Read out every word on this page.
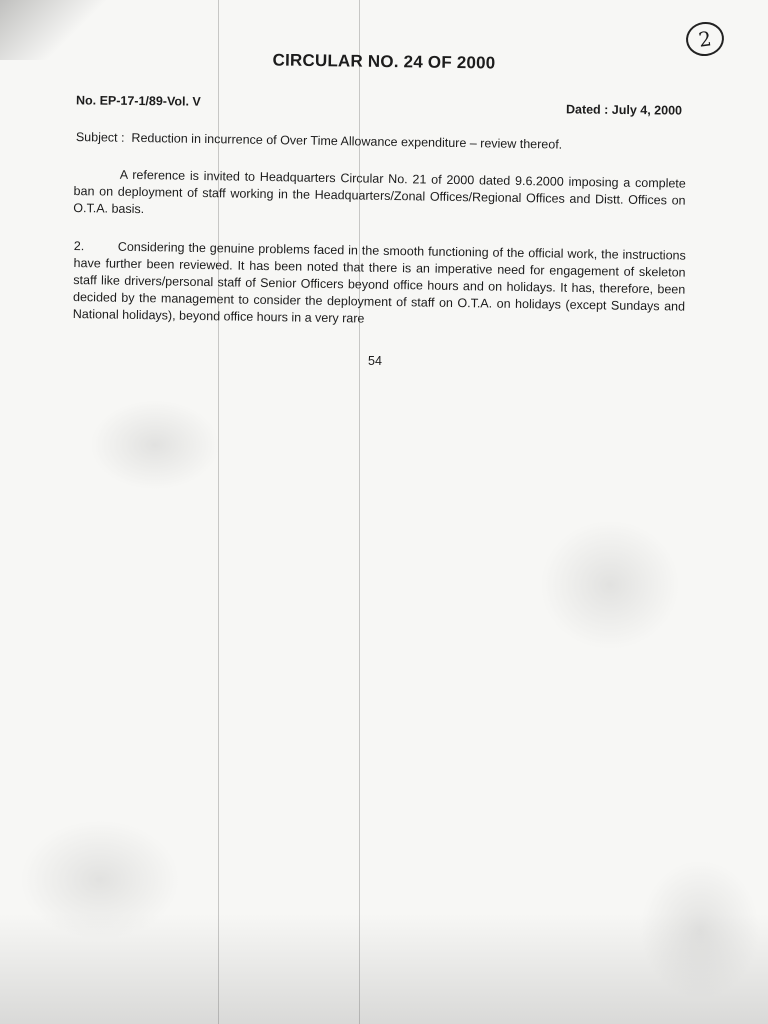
2
CIRCULAR NO. 24 OF 2000
No. EP-17-1/89-Vol. V
Dated : July 4, 2000
Subject : Reduction in incurrence of Over Time Allowance expenditure – review thereof.
A reference is invited to Headquarters Circular No. 21 of 2000 dated 9.6.2000 imposing a complete ban on deployment of staff working in the Headquarters/Zonal Offices/Regional Offices and Distt. Offices on O.T.A. basis.
2.	Considering the genuine problems faced in the smooth functioning of the official work, the instructions have further been reviewed. It has been noted that there is an imperative need for engagement of skeleton staff like drivers/personal staff of Senior Officers beyond office hours and on holidays. It has, therefore, been decided by the management to consider the deployment of staff on O.T.A. on holidays (except Sundays and National holidays), beyond office hours in a very rare
54
